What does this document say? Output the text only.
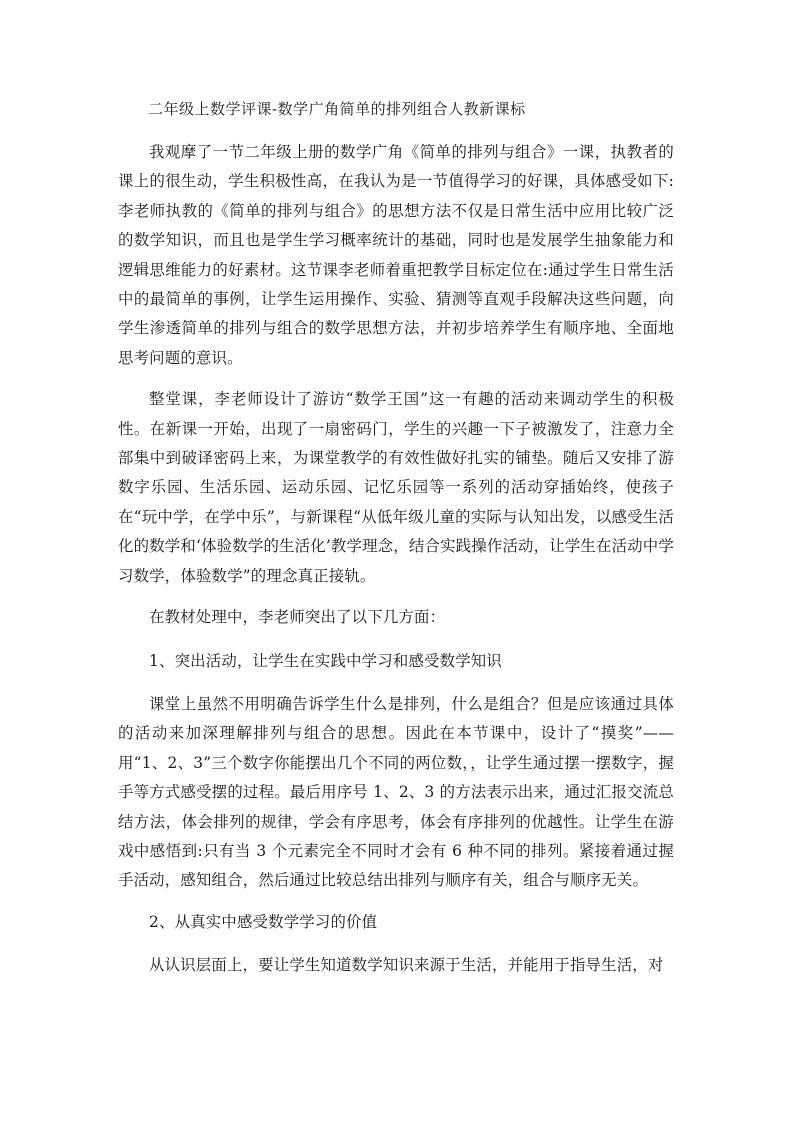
二年级上数学评课-数学广角简单的排列组合人教新课标

我观摩了一节二年级上册的数学广角《简单的排列与组合》一课，执教者的课上的很生动，学生积极性高，在我认为是一节值得学习的好课，具体感受如下:李老师执教的《简单的排列与组合》的思想方法不仅是日常生活中应用比较广泛的数学知识，而且也是学生学习概率统计的基础，同时也是发展学生抽象能力和逻辑思维能力的好素材。这节课李老师着重把教学目标定位在:通过学生日常生活中的最简单的事例，让学生运用操作、实验、猜测等直观手段解决这些问题，向学生渗透简单的排列与组合的数学思想方法，并初步培养学生有顺序地、全面地思考问题的意识。

整堂课，李老师设计了游访“数学王国”这一有趣的活动来调动学生的积极性。在新课一开始，出现了一扇密码门，学生的兴趣一下子被激发了，注意力全部集中到破译密码上来，为课堂教学的有效性做好扎实的铺垫。随后又安排了游数字乐园、生活乐园、运动乐园、记忆乐园等一系列的活动穿插始终，使孩子在“玩中学，在学中乐”，与新课程“从低年级儿童的实际与认知出发，以感受生活化的数学和‘体验数学的生活化’教学理念，结合实践操作活动，让学生在活动中学习数学，体验数学”的理念真正接轨。

在教材处理中，李老师突出了以下几方面：

1、突出活动，让学生在实践中学习和感受数学知识

课堂上虽然不用明确告诉学生什么是排列，什么是组合？但是应该通过具体的活动来加深理解排列与组合的思想。因此在本节课中，设计了“摸奖”——用“1、2、3”三个数字你能摆出几个不同的两位数，，让学生通过摆一摆数字，握手等方式感受摆的过程。最后用序号 1、2、3 的方法表示出来，通过汇报交流总结方法，体会排列的规律，学会有序思考，体会有序排列的优越性。让学生在游戏中感悟到:只有当 3 个元素完全不同时才会有 6 种不同的排列。紧接着通过握手活动，感知组合，然后通过比较总结出排列与顺序有关，组合与顺序无关。

2、从真实中感受数学学习的价值

从认识层面上，要让学生知道数学知识来源于生活，并能用于指导生活，对
